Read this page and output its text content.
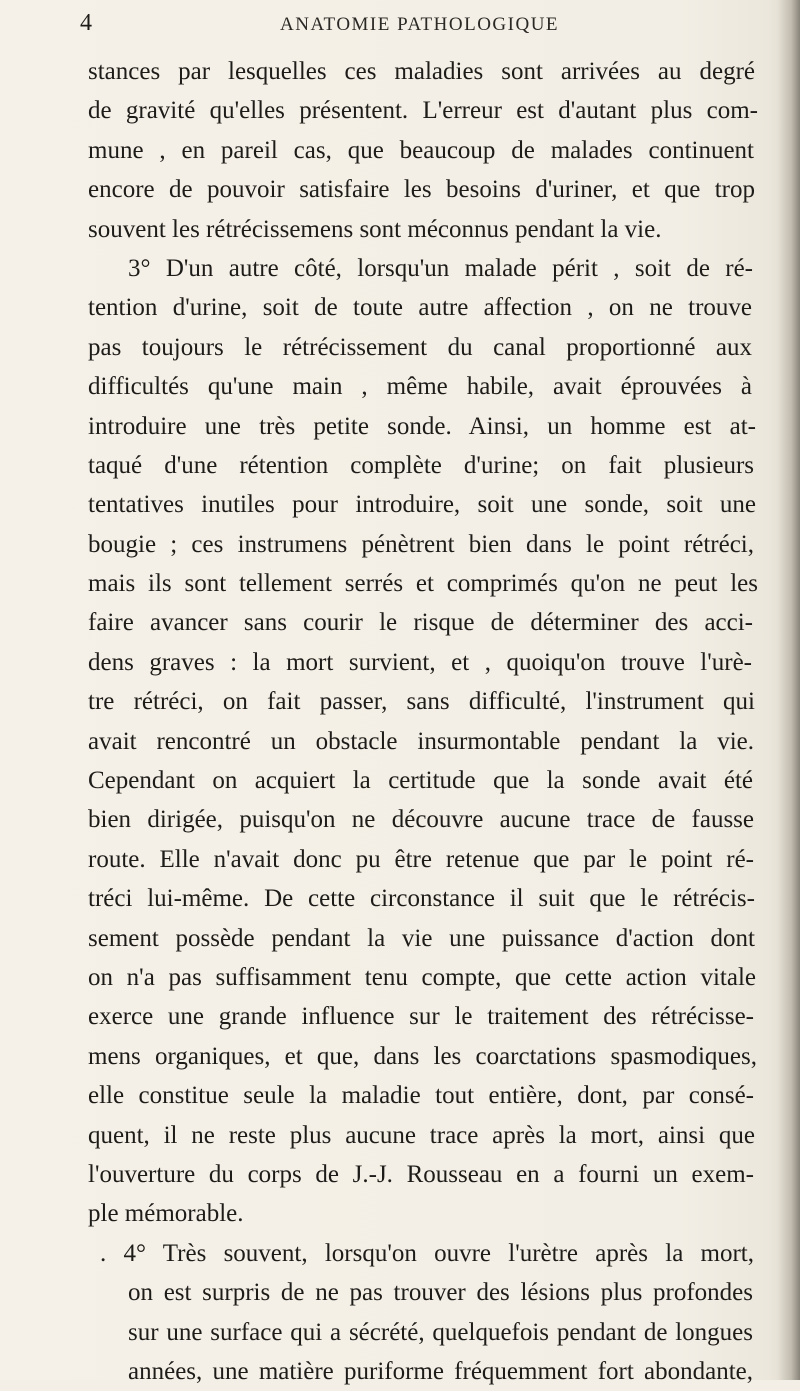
4	ANATOMIE PATHOLOGIQUE
stances par lesquelles ces maladies sont arrivées au degré
de gravité qu'elles présentent. L'erreur est d'autant plus com-
mune , en pareil cas, que beaucoup de malades continuent
encore de pouvoir satisfaire les besoins d'uriner, et que trop
souvent les rétrécissemens sont méconnus pendant la vie.
3° D'un autre côté, lorsqu'un malade périt , soit de ré-
tention d'urine, soit de toute autre affection , on ne trouve
pas toujours le rétrécissement du canal proportionné aux
difficultés qu'une main , même habile, avait éprouvées à
introduire une très petite sonde. Ainsi, un homme est at-
taqué d'une rétention complète d'urine; on fait plusieurs
tentatives inutiles pour introduire, soit une sonde, soit une
bougie ; ces instrumens pénètrent bien dans le point rétréci,
mais ils sont tellement serrés et comprimés qu'on ne peut les
faire avancer sans courir le risque de déterminer des acci-
dens graves : la mort survient, et , quoiqu'on trouve l'urè-
tre rétréci, on fait passer, sans difficulté, l'instrument qui
avait rencontré un obstacle insurmontable pendant la vie.
Cependant on acquiert la certitude que la sonde avait été
bien dirigée, puisqu'on ne découvre aucune trace de fausse
route. Elle n'avait donc pu être retenue que par le point ré-
tréci lui-même. De cette circonstance il suit que le rétrécis-
sement possède pendant la vie une puissance d'action dont
on n'a pas suffisamment tenu compte, que cette action vitale
exerce une grande influence sur le traitement des rétrécisse-
mens organiques, et que, dans les coarctations spasmodiques,
elle constitue seule la maladie tout entière, dont, par consé-
quent, il ne reste plus aucune trace après la mort, ainsi que
l'ouverture du corps de J.-J. Rousseau en a fourni un exem-
ple mémorable.
. 4° Très souvent, lorsqu'on ouvre l'urètre après la mort,
on est surpris de ne pas trouver des lésions plus profondes
sur une surface qui a sécrété, quelquefois pendant de longues
années, une matière puriforme fréquemment fort abondante,
